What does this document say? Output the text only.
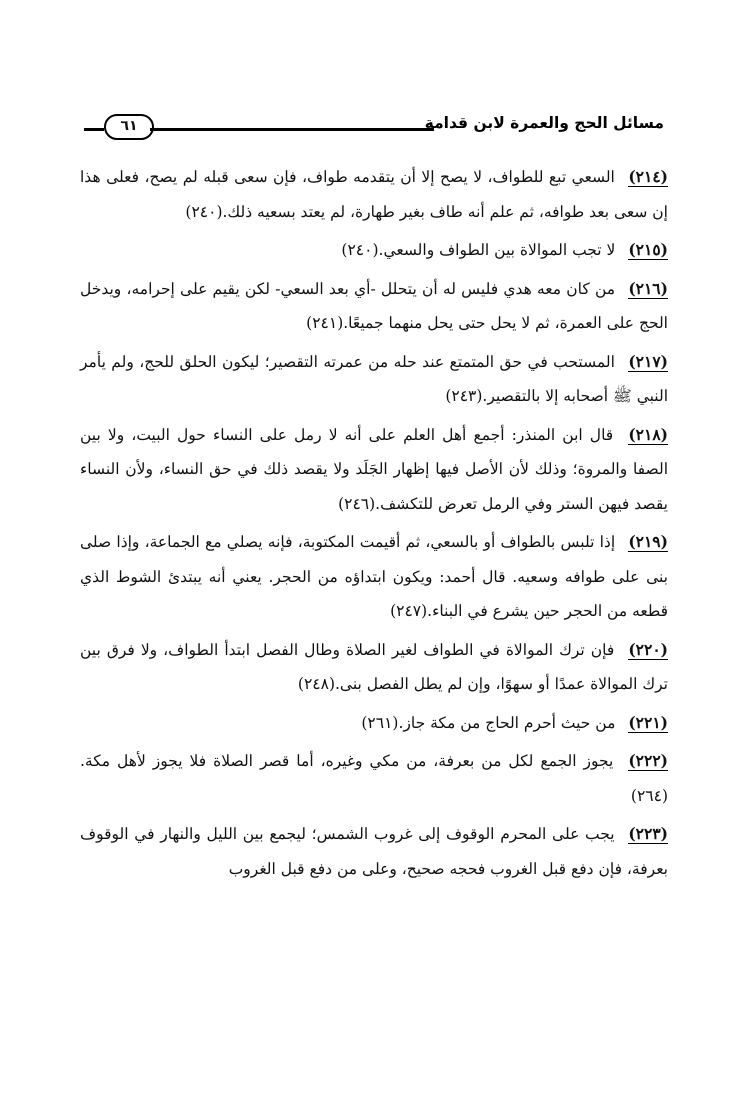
٦١	مسائل الحج والعمرة لابن قدامة
(٢١٤) السعي تبع للطواف، لا يصح إلا أن يتقدمه طواف، فإن سعى قبله لم يصح، فعلى هذا إن سعى بعد طوافه، ثم علم أنه طاف بغير طهارة، لم يعتد بسعيه ذلك.(٢٤٠)
(٢١٥) لا تجب الموالاة بين الطواف والسعي.(٢٤٠)
(٢١٦) من كان معه هدي فليس له أن يتحلل -أي بعد السعي- لكن يقيم على إحرامه، ويدخل الحج على العمرة، ثم لا يحل حتى يحل منهما جميعًا.(٢٤١)
(٢١٧) المستحب في حق المتمتع عند حله من عمرته التقصير؛ ليكون الحلق للحج، ولم يأمر النبي ﷺ أصحابه إلا بالتقصير.(٢٤٣)
(٢١٨) قال ابن المنذر: أجمع أهل العلم على أنه لا رمل على النساء حول البيت، ولا بين الصفا والمروة؛ وذلك لأن الأصل فيها إظهار الجَلَد ولا يقصد ذلك في حق النساء، ولأن النساء يقصد فيهن الستر وفي الرمل تعرض للتكشف.(٢٤٦)
(٢١٩) إذا تلبس بالطواف أو بالسعي، ثم أقيمت المكتوبة، فإنه يصلي مع الجماعة، وإذا صلى بنى على طوافه وسعيه. قال أحمد: ويكون ابتداؤه من الحجر. يعني أنه يبتدئ الشوط الذي قطعه من الحجر حين يشرع في البناء.(٢٤٧)
(٢٢٠) فإن ترك الموالاة في الطواف لغير الصلاة وطال الفصل ابتدأ الطواف، ولا فرق بين ترك الموالاة عمدًا أو سهوًا، وإن لم يطل الفصل بنى.(٢٤٨)
(٢٢١) من حيث أحرم الحاج من مكة جاز.(٢٦١)
(٢٢٢) يجوز الجمع لكل من بعرفة، من مكي وغيره، أما قصر الصلاة فلا يجوز لأهل مكة.(٢٦٤)
(٢٢٣) يجب على المحرم الوقوف إلى غروب الشمس؛ ليجمع بين الليل والنهار في الوقوف بعرفة، فإن دفع قبل الغروب فحجه صحيح، وعلى من دفع قبل الغروب
